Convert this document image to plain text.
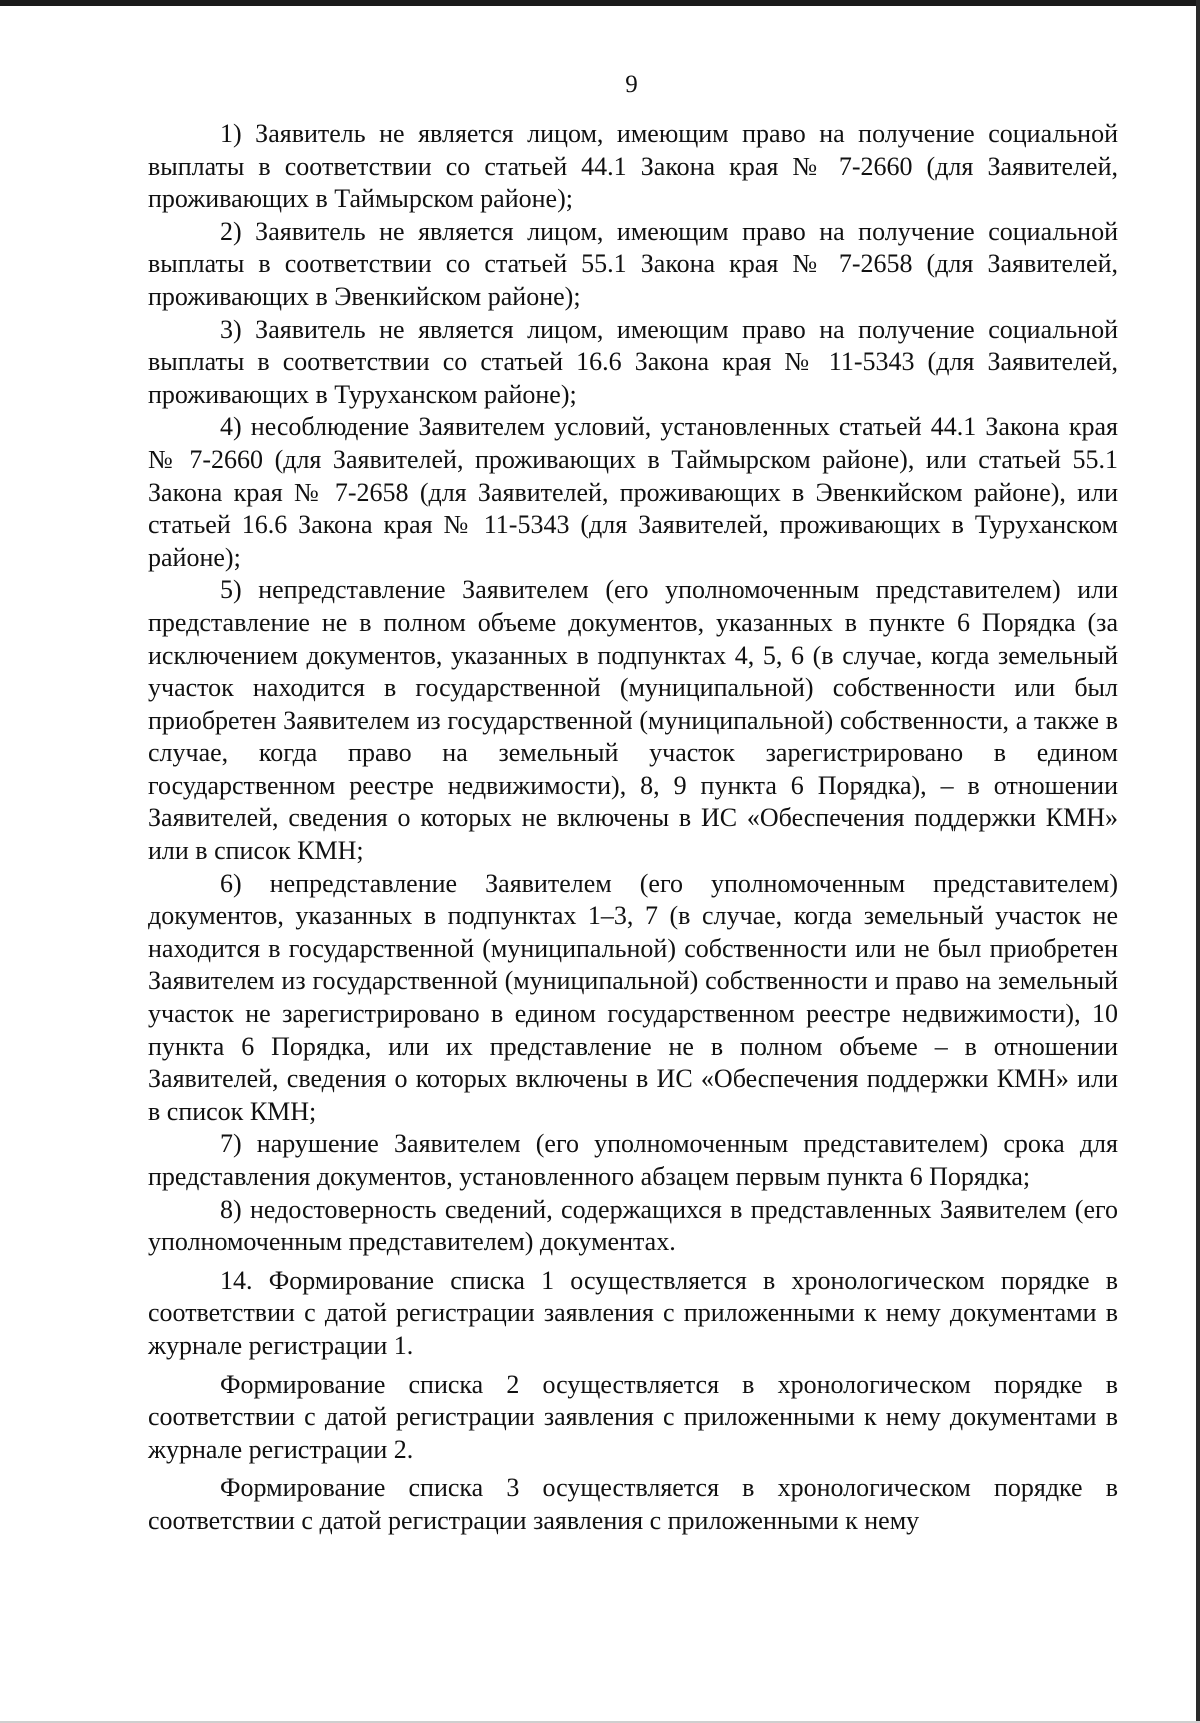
9

1) Заявитель не является лицом, имеющим право на получение социальной выплаты в соответствии со статьей 44.1 Закона края № 7-2660 (для Заявителей, проживающих в Таймырском районе);

2) Заявитель не является лицом, имеющим право на получение социальной выплаты в соответствии со статьей 55.1 Закона края № 7-2658 (для Заявителей, проживающих в Эвенкийском районе);

3) Заявитель не является лицом, имеющим право на получение социальной выплаты в соответствии со статьей 16.6 Закона края № 11-5343 (для Заявителей, проживающих в Туруханском районе);

4) несоблюдение Заявителем условий, установленных статьей 44.1 Закона края № 7-2660 (для Заявителей, проживающих в Таймырском районе), или статьей 55.1 Закона края № 7-2658 (для Заявителей, проживающих в Эвенкийском районе), или статьей 16.6 Закона края № 11-5343 (для Заявителей, проживающих в Туруханском районе);

5) непредставление Заявителем (его уполномоченным представителем) или представление не в полном объеме документов, указанных в пункте 6 Порядка (за исключением документов, указанных в подпунктах 4, 5, 6 (в случае, когда земельный участок находится в государственной (муниципальной) собственности или был приобретен Заявителем из государственной (муниципальной) собственности, а также в случае, когда право на земельный участок зарегистрировано в едином государственном реестре недвижимости), 8, 9 пункта 6 Порядка), – в отношении Заявителей, сведения о которых не включены в ИС «Обеспечения поддержки КМН» или в список КМН;

6) непредставление Заявителем (его уполномоченным представителем) документов, указанных в подпунктах 1–3, 7 (в случае, когда земельный участок не находится в государственной (муниципальной) собственности или не был приобретен Заявителем из государственной (муниципальной) собственности и право на земельный участок не зарегистрировано в едином государственном реестре недвижимости), 10 пункта 6 Порядка, или их представление не в полном объеме – в отношении Заявителей, сведения о которых включены в ИС «Обеспечения поддержки КМН» или в список КМН;

7) нарушение Заявителем (его уполномоченным представителем) срока для представления документов, установленного абзацем первым пункта 6 Порядка;

8) недостоверность сведений, содержащихся в представленных Заявителем (его уполномоченным представителем) документах.

14. Формирование списка 1 осуществляется в хронологическом порядке в соответствии с датой регистрации заявления с приложенными к нему документами в журнале регистрации 1.

Формирование списка 2 осуществляется в хронологическом порядке в соответствии с датой регистрации заявления с приложенными к нему документами в журнале регистрации 2.

Формирование списка 3 осуществляется в хронологическом порядке в соответствии с датой регистрации заявления с приложенными к нему
